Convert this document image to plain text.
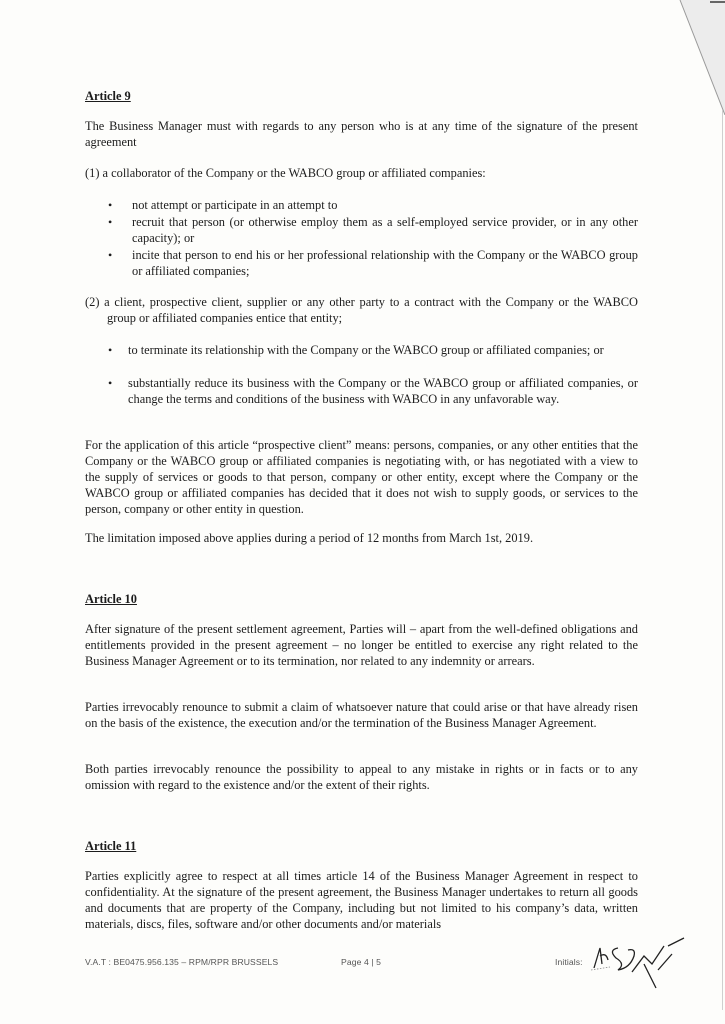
Article 9
The Business Manager must with regards to any person who is at any time of the signature of the present agreement
(1) a collaborator of the Company or the WABCO group or affiliated companies:
• not attempt or participate in an attempt to
• recruit that person (or otherwise employ them as a self-employed service provider, or in any other capacity); or
• incite that person to end his or her professional relationship with the Company or the WABCO group or affiliated companies;
(2) a client, prospective client, supplier or any other party to a contract with the Company or the WABCO group or affiliated companies entice that entity;
• to terminate its relationship with the Company or the WABCO group or affiliated companies; or
• substantially reduce its business with the Company or the WABCO group or affiliated companies, or change the terms and conditions of the business with WABCO in any unfavorable way.
For the application of this article “prospective client” means: persons, companies, or any other entities that the Company or the WABCO group or affiliated companies is negotiating with, or has negotiated with a view to the supply of services or goods to that person, company or other entity, except where the Company or the WABCO group or affiliated companies has decided that it does not wish to supply goods, or services to the person, company or other entity in question.
The limitation imposed above applies during a period of 12 months from March 1st, 2019.
Article 10
After signature of the present settlement agreement, Parties will – apart from the well-defined obligations and entitlements provided in the present agreement – no longer be entitled to exercise any right related to the Business Manager Agreement or to its termination, nor related to any indemnity or arrears.
Parties irrevocably renounce to submit a claim of whatsoever nature that could arise or that have already risen on the basis of the existence, the execution and/or the termination of the Business Manager Agreement.
Both parties irrevocably renounce the possibility to appeal to any mistake in rights or in facts or to any omission with regard to the existence and/or the extent of their rights.
Article 11
Parties explicitly agree to respect at all times article 14 of the Business Manager Agreement in respect to confidentiality. At the signature of the present agreement, the Business Manager undertakes to return all goods and documents that are property of the Company, including but not limited to his company’s data, written materials, discs, files, software and/or other documents and/or materials
V.A.T : BE0475.956.135 – RPM/RPR BRUSSELS	Page 4 | 5	Initials:
